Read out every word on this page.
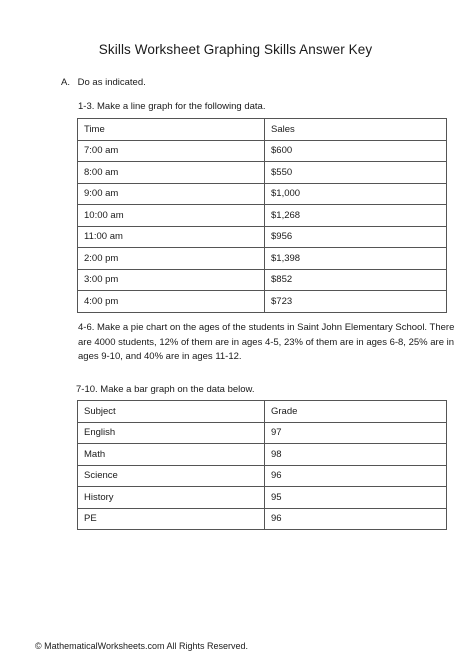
Skills Worksheet Graphing Skills Answer Key
A. Do as indicated.
1-3. Make a line graph for the following data.
Time	Sales
7:00 am	$600
8:00 am	$550
9:00 am	$1,000
10:00 am	$1,268
11:00 am	$956
2:00 pm	$1,398
3:00 pm	$852
4:00 pm	$723
4-6. Make a pie chart on the ages of the students in Saint John Elementary School. There are 4000 students, 12% of them are in ages 4-5, 23% of them are in ages 6-8, 25% are in ages 9-10, and 40% are in ages 11-12.
7-10. Make a bar graph on the data below.
Subject	Grade
English	97
Math	98
Science	96
History	95
PE	96
© MathematicalWorksheets.com All Rights Reserved.
